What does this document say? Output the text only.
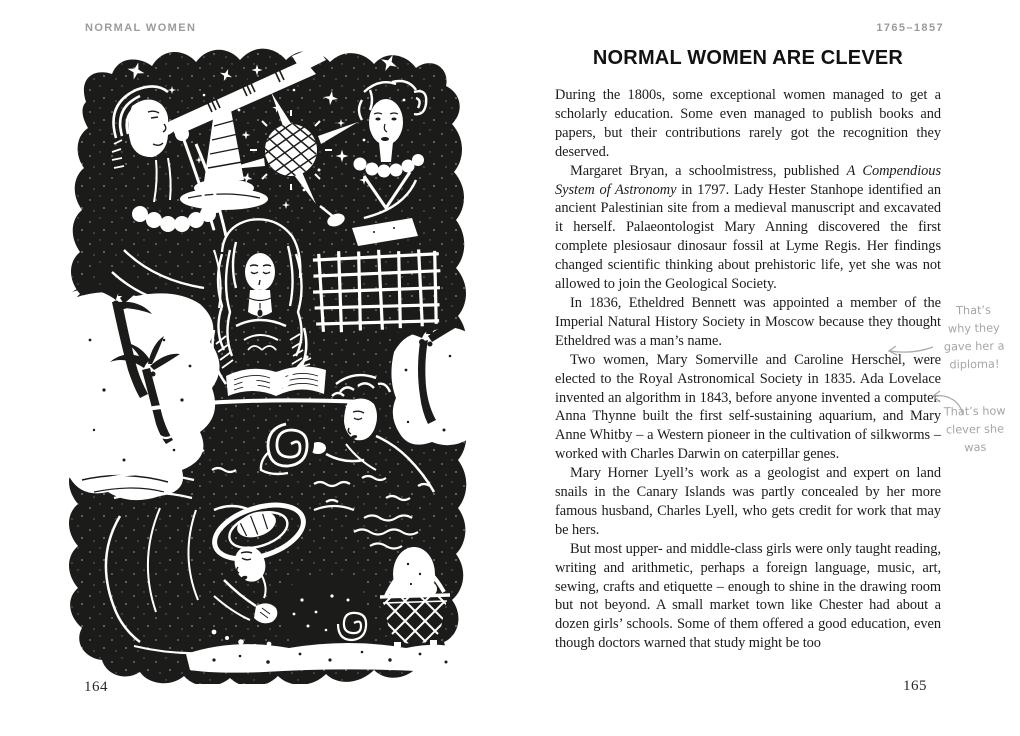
NORMAL WOMEN	1765–1857
NORMAL WOMEN ARE CLEVER

During the 1800s, some exceptional women managed to get a scholarly education. Some even managed to publish books and papers, but their contributions rarely got the recognition they deserved.

Margaret Bryan, a schoolmistress, published A Compendious System of Astronomy in 1797. Lady Hester Stanhope identified an ancient Palestinian site from a medieval manuscript and excavated it herself. Palaeontologist Mary Anning discovered the first complete plesiosaur dinosaur fossil at Lyme Regis. Her findings changed scientific thinking about prehistoric life, yet she was not allowed to join the Geological Society.

In 1836, Etheldred Bennett was appointed a member of the Imperial Natural History Society in Moscow because they thought Etheldred was a man’s name.

Two women, Mary Somerville and Caroline Herschel, were elected to the Royal Astronomical Society in 1835. Ada Lovelace invented an algorithm in 1843, before anyone invented a computer. Anna Thynne built the first self-sustaining aquarium, and Mary Anne Whitby – a Western pioneer in the cultivation of silkworms – worked with Charles Darwin on caterpillar genes.

Mary Horner Lyell’s work as a geologist and expert on land snails in the Canary Islands was partly concealed by her more famous husband, Charles Lyell, who gets credit for work that may be hers.

But most upper- and middle-class girls were only taught reading, writing and arithmetic, perhaps a foreign language, music, art, sewing, crafts and etiquette – enough to shine in the drawing room but not beyond. A small market town like Chester had about a dozen girls’ schools. Some of them offered a good education, even though doctors warned that study might be too

That’s
why they
gave her a
diploma!
That’s how
clever she
was
164	165
